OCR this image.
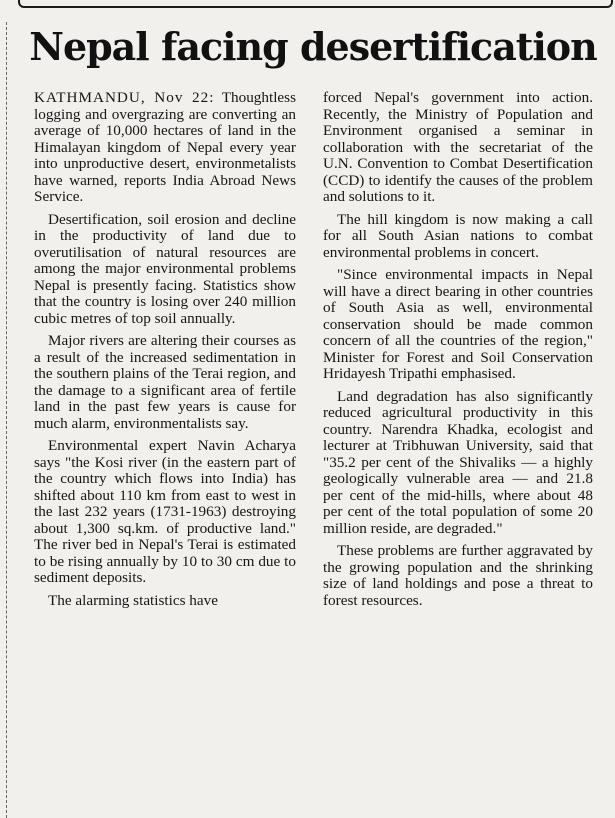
Nepal facing desertification

KATHMANDU, Nov 22: Thoughtless logging and overgrazing are converting an average of 10,000 hectares of land in the Himalayan kingdom of Nepal every year into unproductive desert, environmetalists have warned, reports India Abroad News Service.

Desertification, soil erosion and decline in the productivity of land due to overutilisation of natural resources are among the major environmental problems Nepal is presently facing. Statistics show that the country is losing over 240 million cubic metres of top soil annually.

Major rivers are altering their courses as a result of the increased sedimentation in the southern plains of the Terai region, and the damage to a significant area of fertile land in the past few years is cause for much alarm, environmentalists say.

Environmental expert Navin Acharya says "the Kosi river (in the eastern part of the country which flows into India) has shifted about 110 km from east to west in the last 232 years (1731-1963) destroying about 1,300 sq.km. of productive land." The river bed in Nepal's Terai is estimated to be rising annually by 10 to 30 cm due to sediment deposits.

The alarming statistics have

forced Nepal's government into action. Recently, the Ministry of Population and Environment organised a seminar in collaboration with the secretariat of the U.N. Convention to Combat Desertification (CCD) to identify the causes of the problem and solutions to it.

The hill kingdom is now making a call for all South Asian nations to combat environmental problems in concert.

"Since environmental impacts in Nepal will have a direct bearing in other countries of South Asia as well, environmental conservation should be made common concern of all the countries of the region," Minister for Forest and Soil Conservation Hridayesh Tripathi emphasised.

Land degradation has also significantly reduced agricultural productivity in this country. Narendra Khadka, ecologist and lecturer at Tribhuwan University, said that "35.2 per cent of the Shivaliks — a highly geologically vulnerable area — and 21.8 per cent of the mid-hills, where about 48 per cent of the total population of some 20 million reside, are degraded."

These problems are further aggravated by the growing population and the shrinking size of land holdings and pose a threat to forest resources.
